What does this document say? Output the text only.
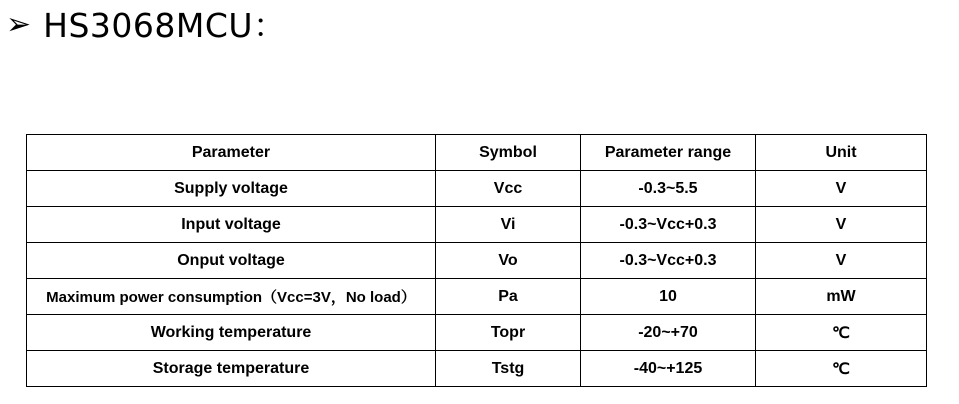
➢ HS3068MCU：
Parameter	Symbol	Parameter range	Unit
Supply voltage	Vcc	-0.3~5.5	V
Input voltage	Vi	-0.3~Vcc+0.3	V
Onput voltage	Vo	-0.3~Vcc+0.3	V
Maximum power consumption（Vcc=3V，No load）	Pa	10	mW
Working temperature	Topr	-20~+70	℃
Storage temperature	Tstg	-40~+125	℃
